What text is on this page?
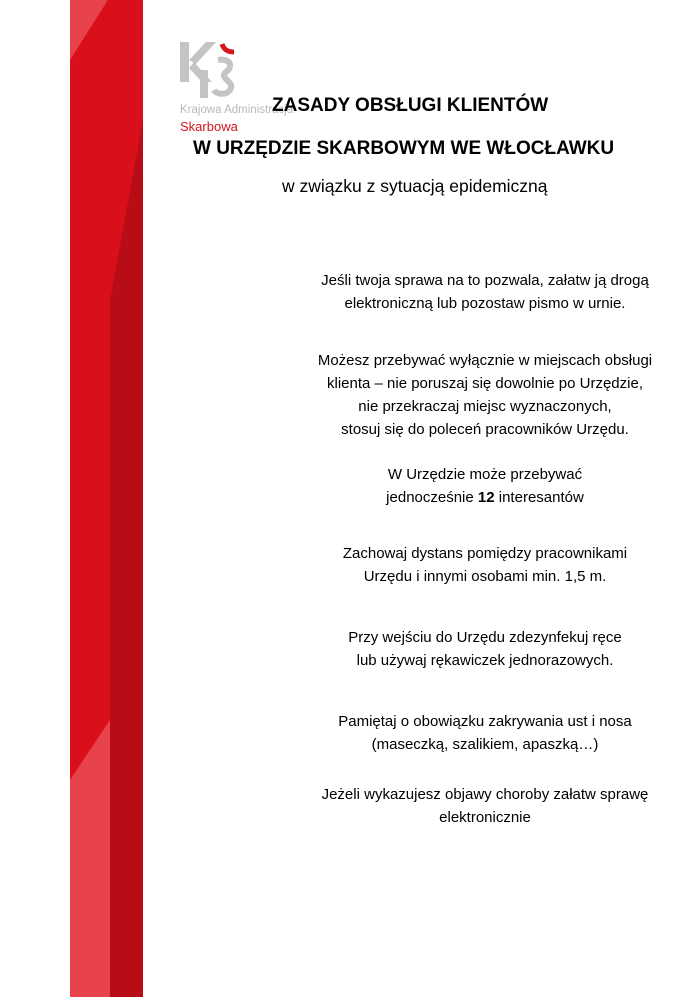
Krajowa Administracja
Skarbowa
ZASADY OBSŁUGI KLIENTÓW
W URZĘDZIE SKARBOWYM WE WŁOCŁAWKU
w związku z sytuacją epidemiczną
Jeśli twoja sprawa na to pozwala, załatw ją drogą
elektroniczną lub pozostaw pismo w urnie.
Możesz przebywać wyłącznie w miejscach obsługi
klienta – nie poruszaj się dowolnie po Urzędzie,
nie przekraczaj miejsc wyznaczonych,
stosuj się do poleceń pracowników Urzędu.
W Urzędzie może przebywać
jednocześnie 12 interesantów
Zachowaj dystans pomiędzy pracownikami
Urzędu i innymi osobami min. 1,5 m.
Przy wejściu do Urzędu zdezynfekuj ręce
lub używaj rękawiczek jednorazowych.
Pamiętaj o obowiązku zakrywania ust i nosa
(maseczką, szalikiem, apaszką…)
Jeżeli wykazujesz objawy choroby załatw sprawę
elektronicznie
